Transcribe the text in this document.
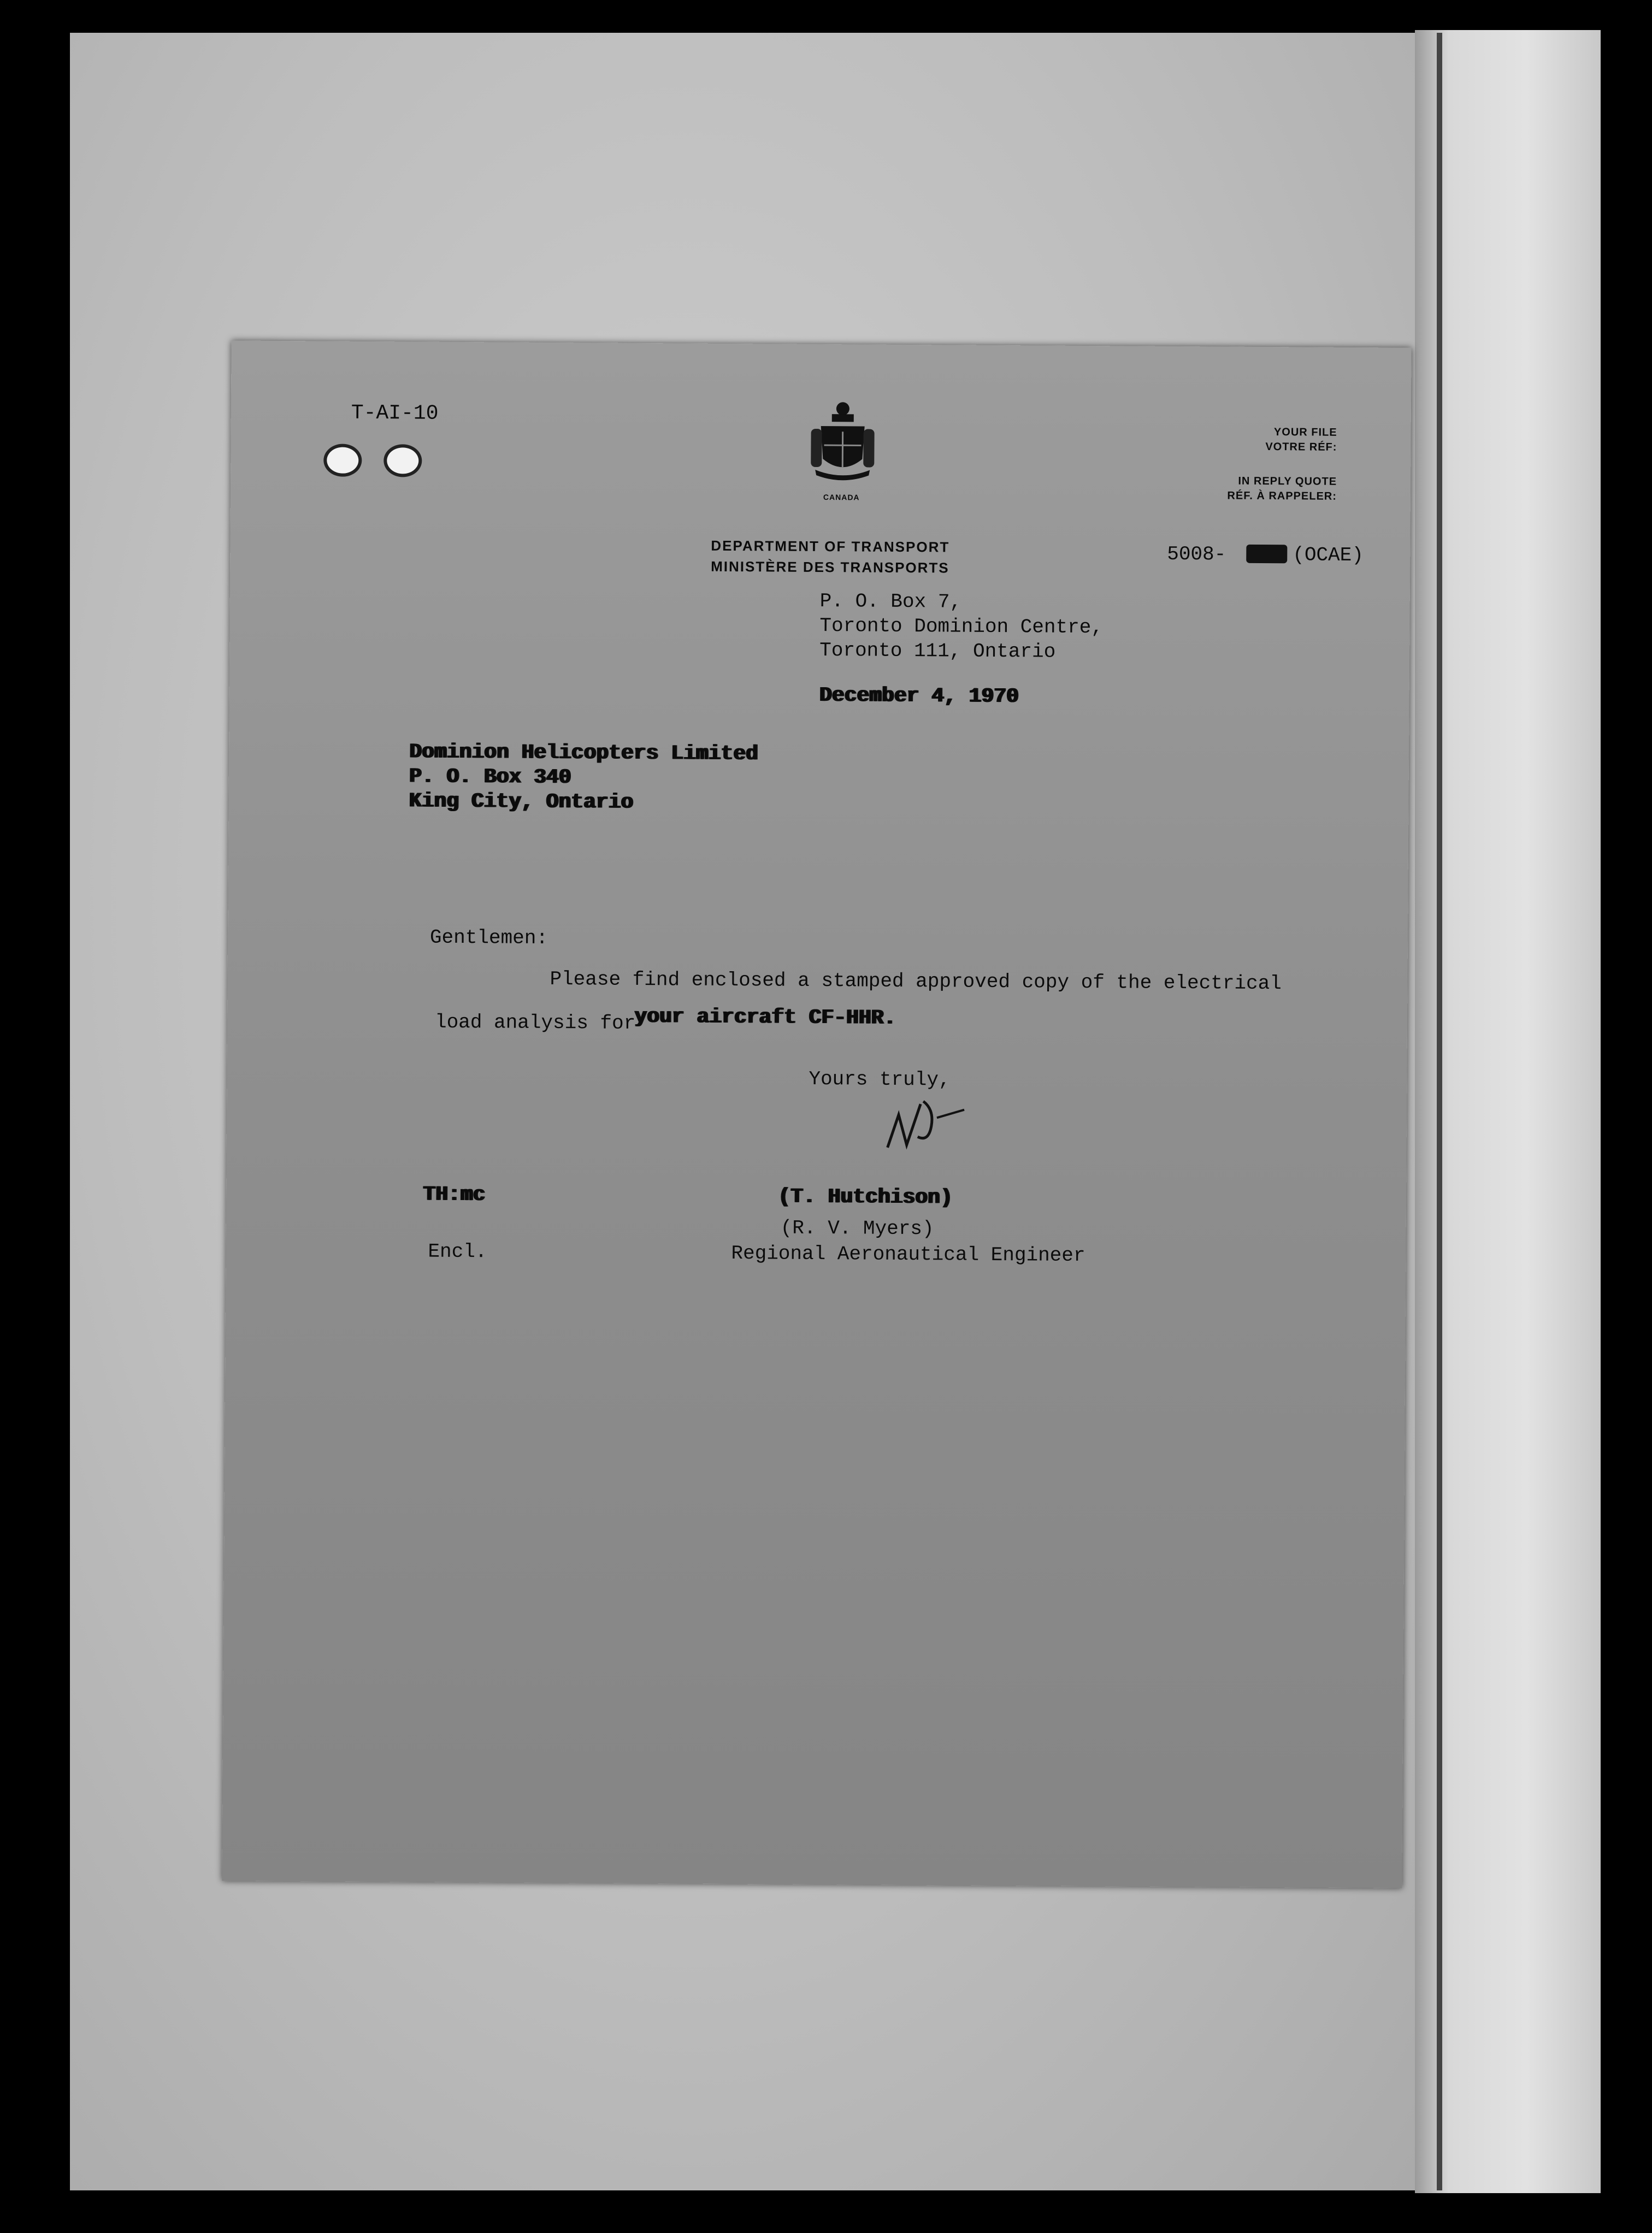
T-AI-10
CANADA
DEPARTMENT OF TRANSPORT
MINISTÈRE DES TRANSPORTS
YOUR FILE
VOTRE RÉF:
IN REPLY QUOTE
RÉF. À RAPPELER:
5008-	(OCAE)
P. O. Box 7,
Toronto Dominion Centre,
Toronto 111, Ontario
December 4, 1970
Dominion Helicopters Limited
P. O. Box 340
King City, Ontario
Gentlemen:
Please find enclosed a stamped approved copy of the electrical
load analysis for
your aircraft CF-HHR.
Yours truly,
TH:mc	(T. Hutchison)
(R. V. Myers)
Encl.	Regional Aeronautical Engineer
